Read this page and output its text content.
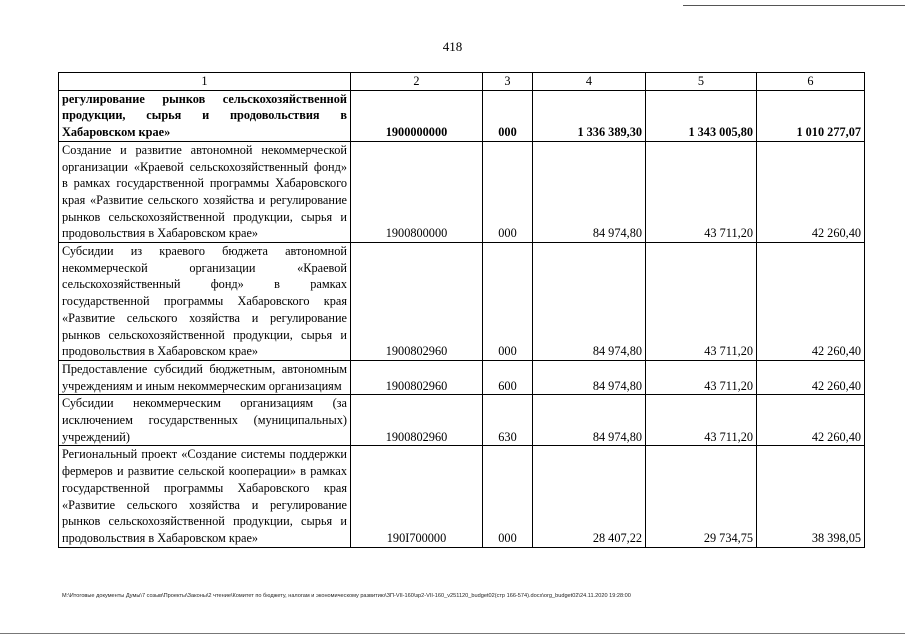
418
1	2	3	4	5	6
регулирование рынков сельскохозяйственной продукции, сырья и продовольствия в Хабаровском крае»	1900000000	000	1 336 389,30	1 343 005,80	1 010 277,07
Создание и развитие автономной некоммерческой организации «Краевой сельскохозяйственный фонд» в рамках государственной программы Хабаровского края «Развитие сельского хозяйства и регулирование рынков сельскохозяйственной продукции, сырья и продовольствия в Хабаровском крае»	1900800000	000	84 974,80	43 711,20	42 260,40
Субсидии из краевого бюджета автономной некоммерческой организации «Краевой сельскохозяйственный фонд» в рамках государственной программы Хабаровского края «Развитие сельского хозяйства и регулирование рынков сельскохозяйственной продукции, сырья и продовольствия в Хабаровском крае»	1900802960	000	84 974,80	43 711,20	42 260,40
Предоставление субсидий бюджетным, автономным учреждениям и иным некоммерческим организациям	1900802960	600	84 974,80	43 711,20	42 260,40
Субсидии некоммерческим организациям (за исключением государственных (муниципальных) учреждений)	1900802960	630	84 974,80	43 711,20	42 260,40
Региональный проект «Создание системы поддержки фермеров и развитие сельской кооперации» в рамках государственной программы Хабаровского края «Развитие сельского хозяйства и регулирование рынков сельскохозяйственной продукции, сырья и продовольствия в Хабаровском крае»	190I700000	000	28 407,22	29 734,75	38 398,05
M:\Итоговые документы Думы\7 созыв\Проекты\Законы\2 чтение\Комитет по бюджету, налогам и экономическому развитию\ЗП-VII-160\зр2-VII-160_v251120_budget02(стр 166-574).docx\org_budget02\24.11.2020 19:28:00
